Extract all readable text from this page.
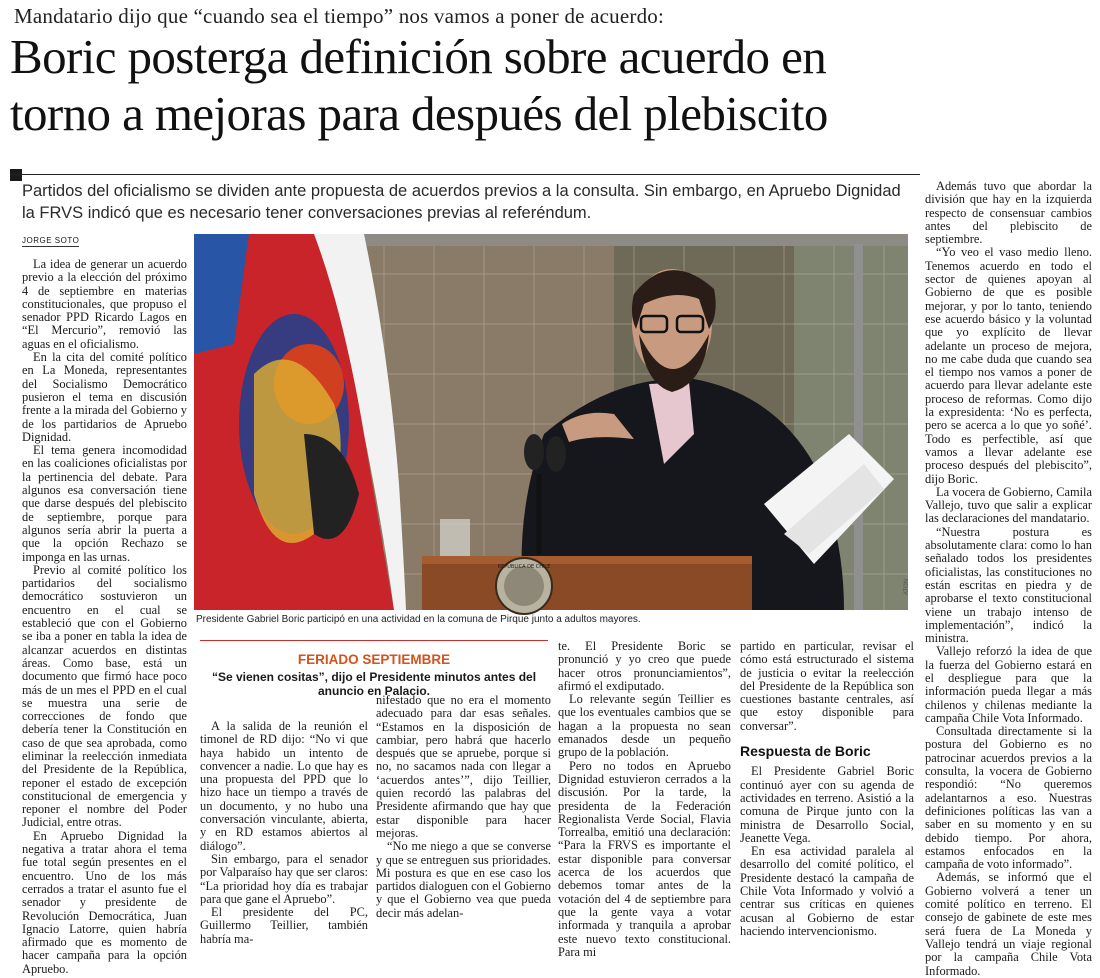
Mandatario dijo que “cuando sea el tiempo” nos vamos a poner de acuerdo:
Boric posterga definición sobre acuerdo en
torno a mejoras para después del plebiscito

Partidos del oficialismo se dividen ante propuesta de acuerdos previos a la consulta. Sin embargo, en Apruebo Dignidad la FRVS indicó que es necesario tener conversaciones previas al referéndum.

JORGE SOTO

La idea de generar un acuerdo previo a la elección del próximo 4 de septiembre en materias constitucionales, que propuso el senador PPD Ricardo Lagos en “El Mercurio”, removió las aguas en el oficialismo.

En la cita del comité político en La Moneda, representantes del Socialismo Democrático pusieron el tema en discusión frente a la mirada del Gobierno y de los partidarios de Apruebo Dignidad.

El tema genera incomodidad en las coaliciones oficialistas por la pertinencia del debate. Para algunos esa conversación tiene que darse después del plebiscito de septiembre, porque para algunos sería abrir la puerta a que la opción Rechazo se imponga en las urnas.

Previo al comité político los partidarios del socialismo democrático sostuvieron un encuentro en el cual se estableció que con el Gobierno se iba a poner en tabla la idea de alcanzar acuerdos en distintas áreas. Como base, está un documento que firmó hace poco más de un mes el PPD en el cual se muestra una serie de correcciones de fondo que debería tener la Constitución en caso de que sea aprobada, como eliminar la reelección inmediata del Presidente de la República, reponer el estado de excepción constitucional de emergencia y reponer el nombre del Poder Judicial, entre otras.

En Apruebo Dignidad la negativa a tratar ahora el tema fue total según presentes en el encuentro. Uno de los más cerrados a tratar el asunto fue el senador y presidente de Revolución Democrática, Juan Ignacio Latorre, quien habría afirmado que es momento de hacer campaña para la opción Apruebo.

REPÚBLICA DE CHILE
ATON
Presidente Gabriel Boric participó en una actividad en la comuna de Pirque junto a adultos mayores.
FERIADO SEPTIEMBRE
“Se vienen cositas”, dijo el Presidente minutos antes del anuncio en Palacio.

A la salida de la reunión el timonel de RD dijo: “No vi que haya habido un intento de convencer a nadie. Lo que hay es una propuesta del PPD que lo hizo hace un tiempo a través de un documento, y no hubo una conversación vinculante, abierta, y en RD estamos abiertos al diálogo”.

Sin embargo, para el senador por Valparaíso hay que ser claros: “La prioridad hoy día es trabajar para que gane el Apruebo”.

El presidente del PC, Guillermo Teillier, también habría ma-

nifestado que no era el momento adecuado para dar esas señales. “Estamos en la disposición de cambiar, pero habrá que hacerlo después que se apruebe, porque si no, no sacamos nada con llegar a ‘acuerdos antes’”, dijo Teillier, quien recordó las palabras del Presidente afirmando que hay que estar disponible para hacer mejoras.

“No me niego a que se converse y que se entreguen sus prioridades. Mi postura es que en ese caso los partidos dialoguen con el Gobierno y que el Gobierno vea que pueda decir más adelan-

te. El Presidente Boric se pronunció y yo creo que puede hacer otros pronunciamientos”, afirmó el exdiputado.

Lo relevante según Teillier es que los eventuales cambios que se hagan a la propuesta no sean emanados desde un pequeño grupo de la población.

Pero no todos en Apruebo Dignidad estuvieron cerrados a la discusión. Por la tarde, la presidenta de la Federación Regionalista Verde Social, Flavia Torrealba, emitió una declaración: “Para la FRVS es importante el estar disponible para conversar acerca de los acuerdos que debemos tomar antes de la votación del 4 de septiembre para que la gente vaya a votar informada y tranquila a aprobar este nuevo texto constitucional. Para mi

partido en particular, revisar el cómo está estructurado el sistema de justicia o evitar la reelección del Presidente de la República son cuestiones bastante centrales, así que estoy disponible para conversar”.

Respuesta de Boric

El Presidente Gabriel Boric continuó ayer con su agenda de actividades en terreno. Asistió a la comuna de Pirque junto con la ministra de Desarrollo Social, Jeanette Vega.

En esa actividad paralela al desarrollo del comité político, el Presidente destacó la campaña de Chile Vota Informado y volvió a centrar sus críticas en quienes acusan al Gobierno de estar haciendo intervencionismo.

Además tuvo que abordar la división que hay en la izquierda respecto de consensuar cambios antes del plebiscito de septiembre.

“Yo veo el vaso medio lleno. Tenemos acuerdo en todo el sector de quienes apoyan al Gobierno de que es posible mejorar, y por lo tanto, teniendo ese acuerdo básico y la voluntad que yo explícito de llevar adelante un proceso de mejora, no me cabe duda que cuando sea el tiempo nos vamos a poner de acuerdo para llevar adelante este proceso de reformas. Como dijo la expresidenta: ‘No es perfecta, pero se acerca a lo que yo soñé’. Todo es perfectible, así que vamos a llevar adelante ese proceso después del plebiscito”, dijo Boric.

La vocera de Gobierno, Camila Vallejo, tuvo que salir a explicar las declaraciones del mandatario.

“Nuestra postura es absolutamente clara: como lo han señalado todos los presidentes oficialistas, las constituciones no están escritas en piedra y de aprobarse el texto constitucional viene un trabajo intenso de implementación”, indicó la ministra.

Vallejo reforzó la idea de que la fuerza del Gobierno estará en el despliegue para que la información pueda llegar a más chilenos y chilenas mediante la campaña Chile Vota Informado.

Consultada directamente si la postura del Gobierno es no patrocinar acuerdos previos a la consulta, la vocera de Gobierno respondió: “No queremos adelantarnos a eso. Nuestras definiciones políticas las van a saber en su momento y en su debido tiempo. Por ahora, estamos enfocados en la campaña de voto informado”.

Además, se informó que el Gobierno volverá a tener un comité político en terreno. El consejo de gabinete de este mes será fuera de La Moneda y Vallejo tendrá un viaje regional por la campaña Chile Vota Informado.
